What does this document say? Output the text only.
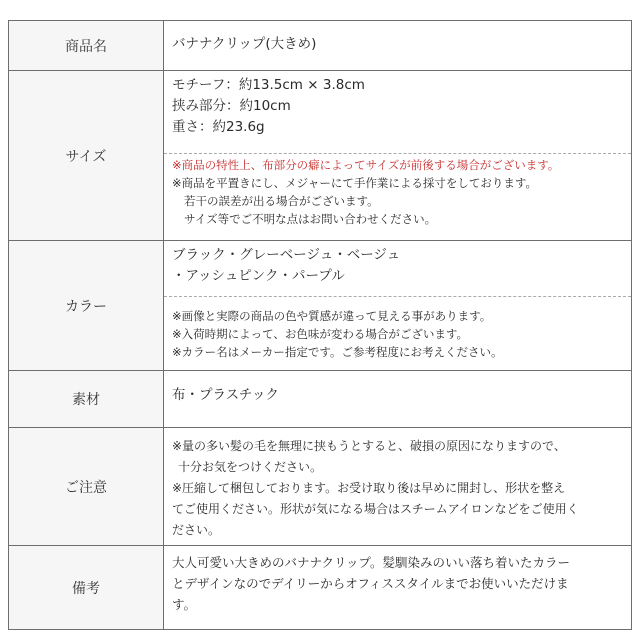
商品名	バナナクリップ(大きめ)
サイズ
モチーフ：約13.5cm × 3.8cm
挟み部分：約10cm
重さ：約23.6g
※商品の特性上、布部分の癖によってサイズが前後する場合がございます。
※商品を平置きにし、メジャーにて手作業による採寸をしております。
若干の誤差が出る場合がございます。
サイズ等でご不明な点はお問い合わせください。
カラー
ブラック・グレーベージュ・ベージュ
・アッシュピンク・パープル
※画像と実際の商品の色や質感が違って見える事があります。
※入荷時期によって、お色味が変わる場合がございます。
※カラー名はメーカー指定です。ご参考程度にお考えください。
素材	布・プラスチック
ご注意
※量の多い髪の毛を無理に挟もうとすると、破損の原因になりますので、
十分お気をつけください。
※圧縮して梱包しております。お受け取り後は早めに開封し、形状を整え
てご使用ください。形状が気になる場合はスチームアイロンなどをご使用く
ださい。
備考
大人可愛い大きめのバナナクリップ。髪馴染みのいい落ち着いたカラー
とデザインなのでデイリーからオフィススタイルまでお使いいただけま
す。
